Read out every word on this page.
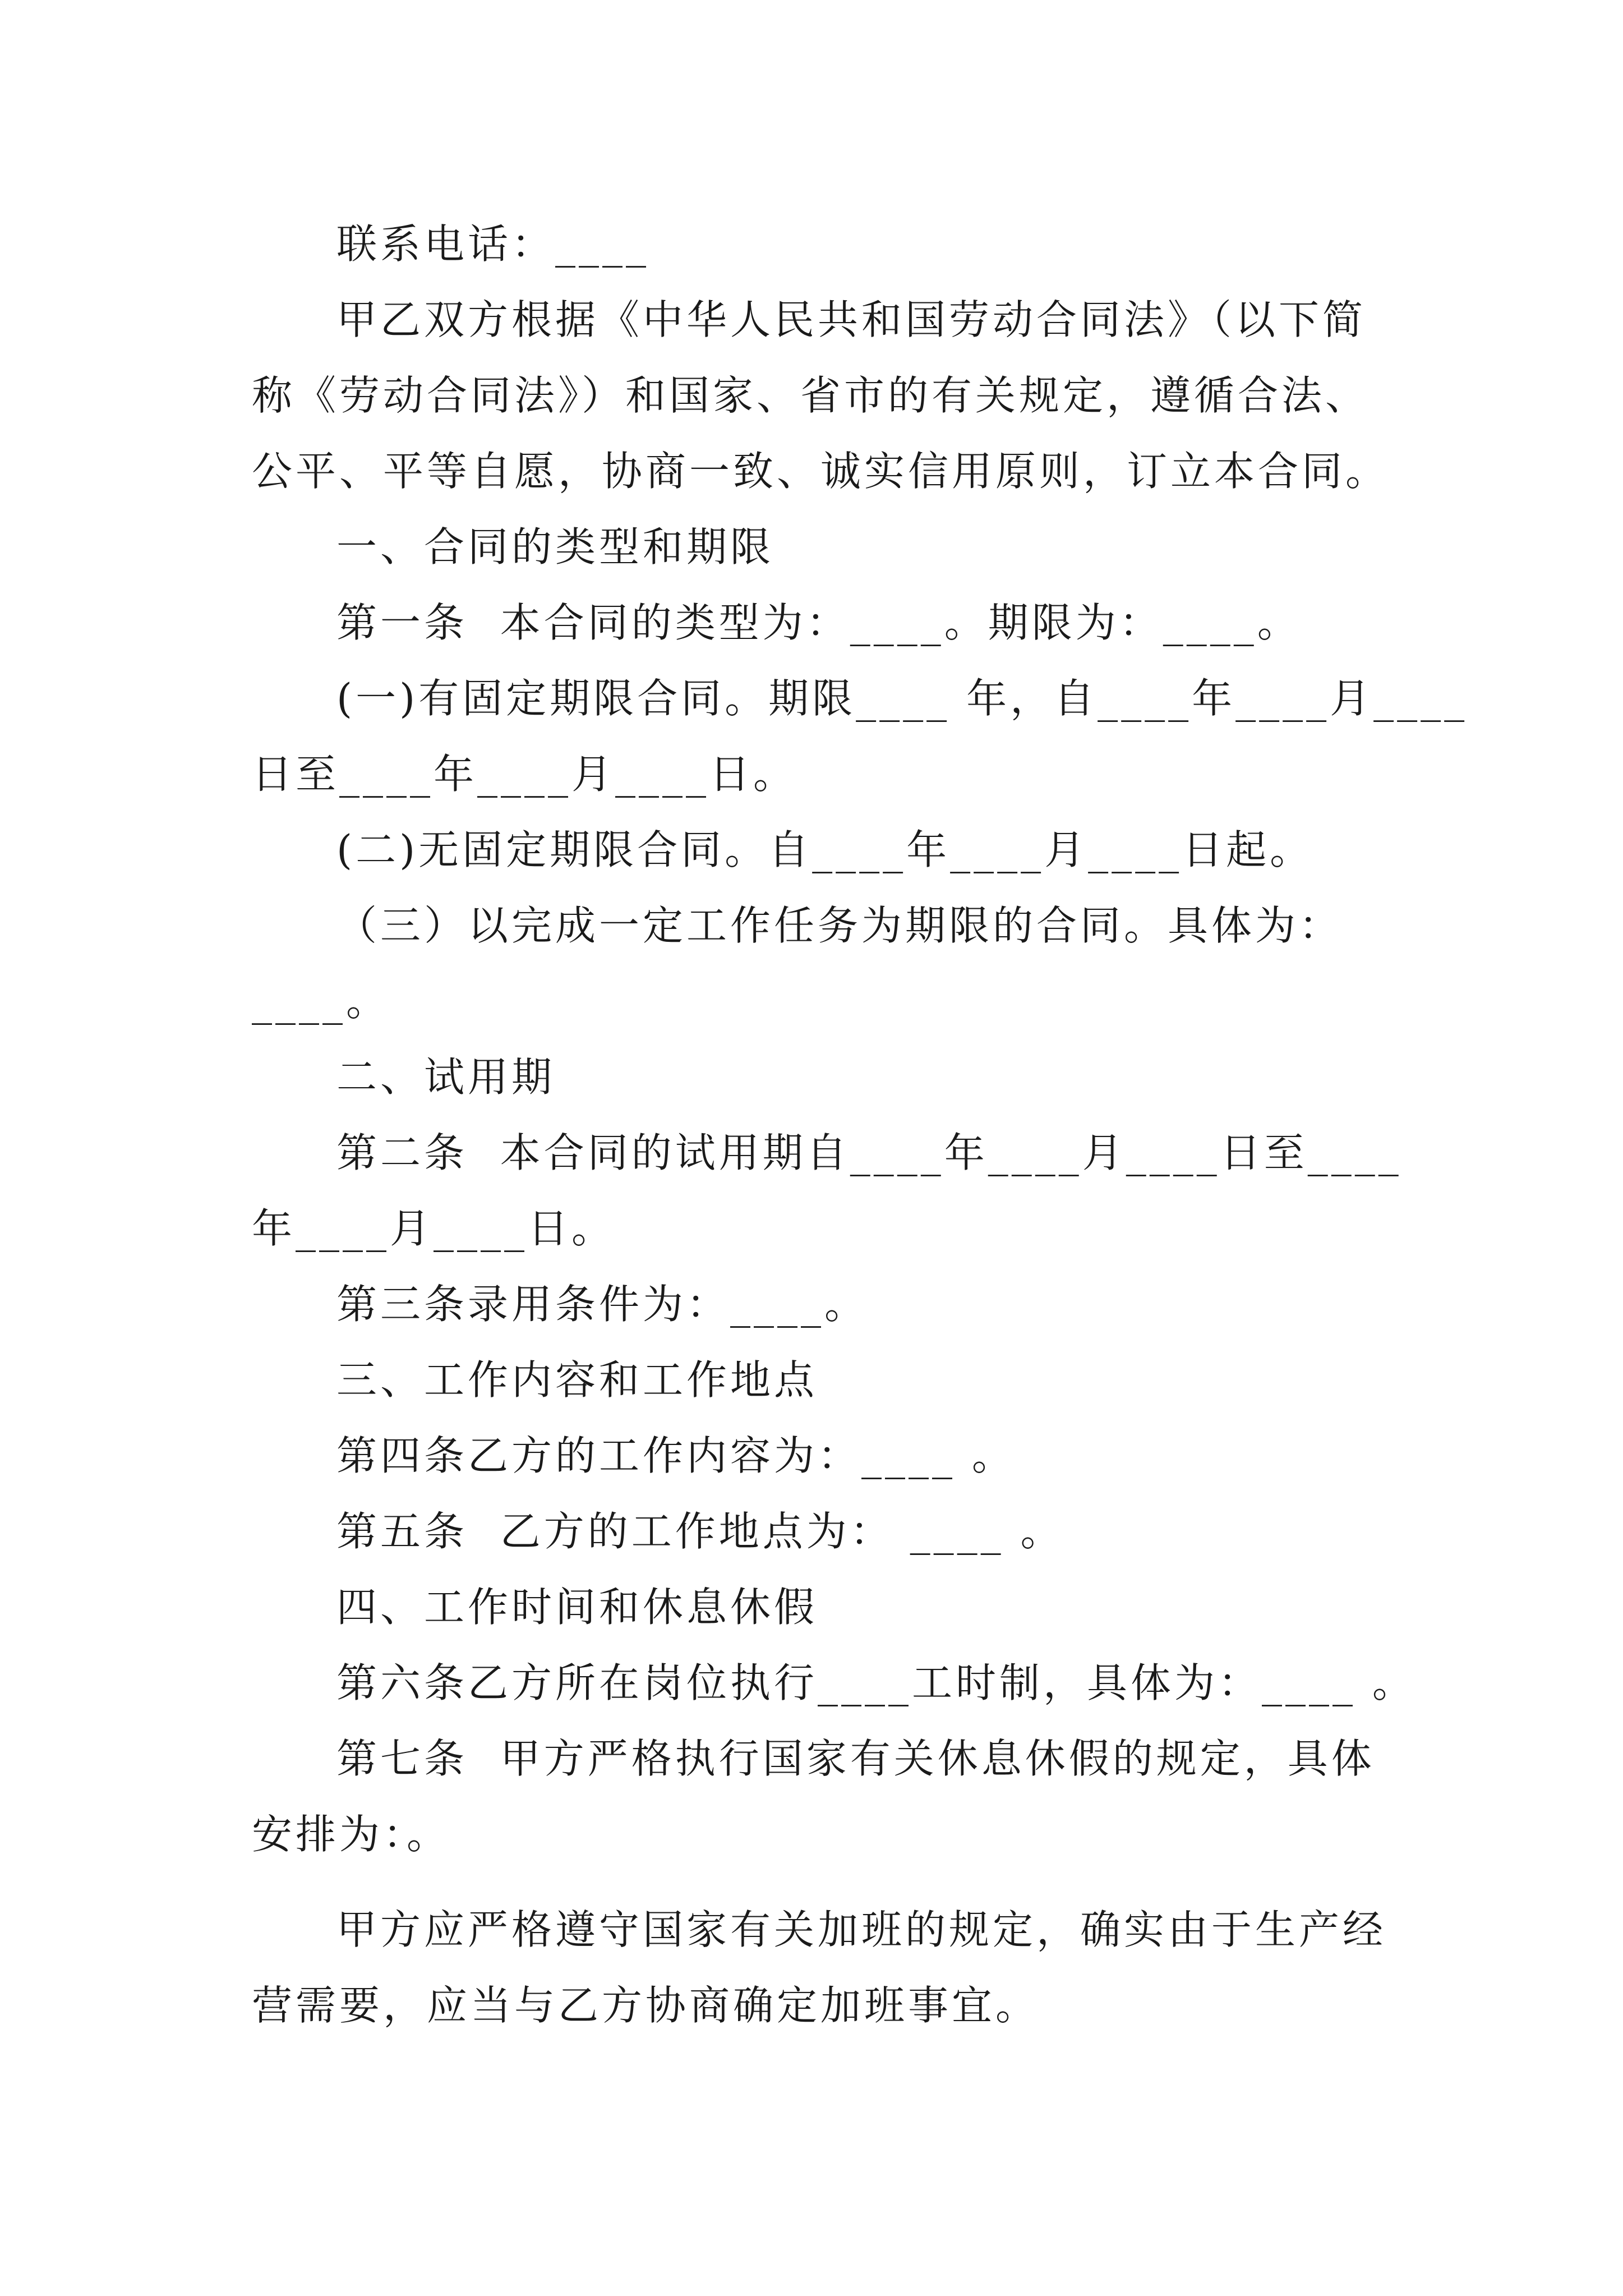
联系电话：____
甲乙双方根据《中华人民共和国劳动合同法》（以下简
称《劳动合同法》）和国家、省市的有关规定，遵循合法、
公平、平等自愿，协商一致、诚实信用原则，订立本合同。
一、合同的类型和期限
第一条  本合同的类型为：____。期限为：____。
(一)有固定期限合同。期限____ 年，自____年____月____
日至____年____月____日。
(二)无固定期限合同。自____年____月____日起。
（三）以完成一定工作任务为期限的合同。具体为：
____。
二、试用期
第二条  本合同的试用期自____年____月____日至____
年____月____日。
第三条录用条件为：____。
三、工作内容和工作地点
第四条乙方的工作内容为：____ 。
第五条  乙方的工作地点为： ____ 。
四、工作时间和休息休假
第六条乙方所在岗位执行____工时制，具体为：____ 。
第七条  甲方严格执行国家有关休息休假的规定，具体
安排为：。
甲方应严格遵守国家有关加班的规定，确实由于生产经
营需要，应当与乙方协商确定加班事宜。
